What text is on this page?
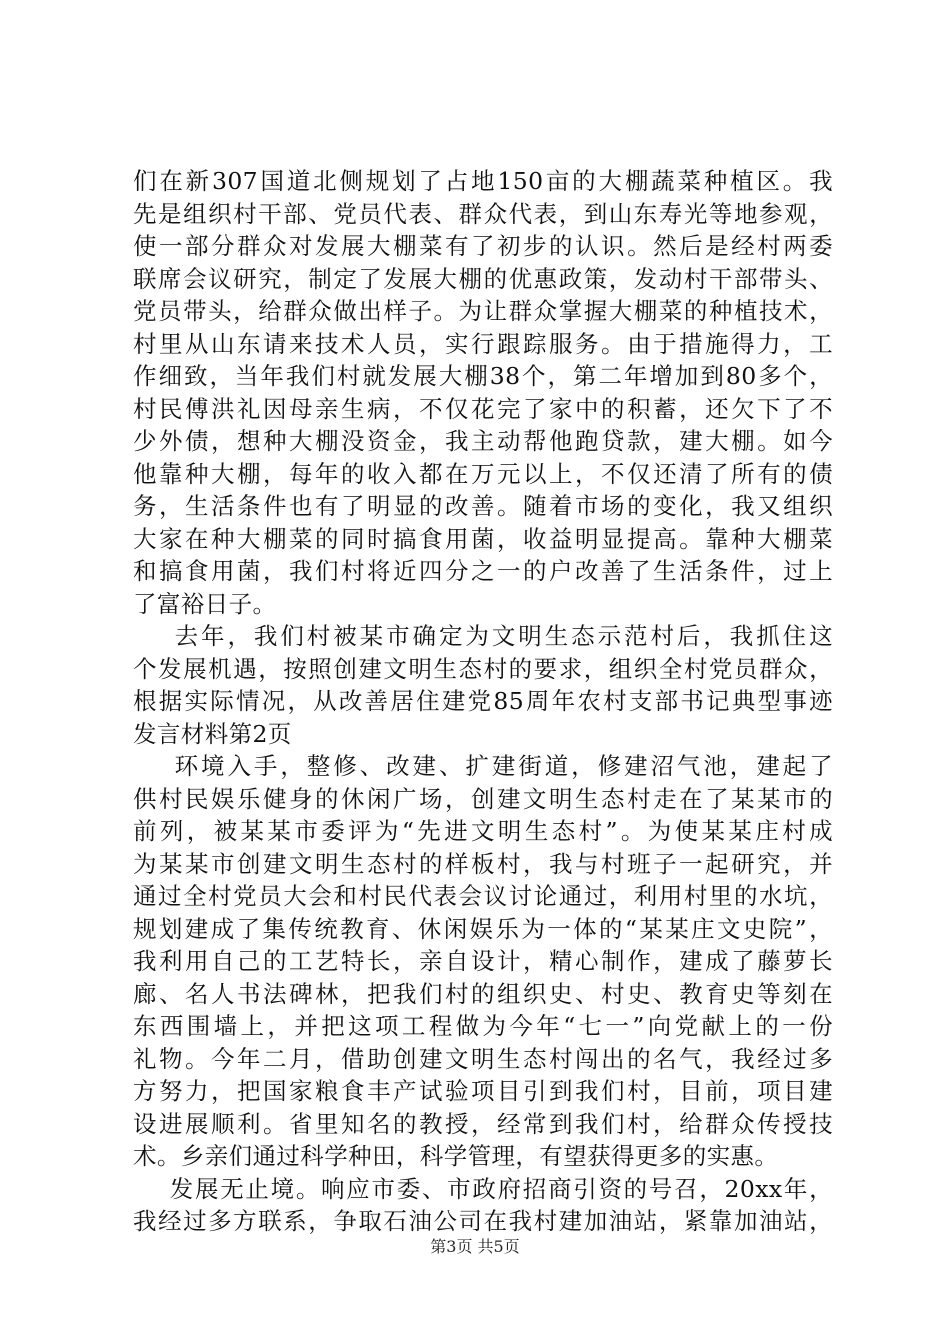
们在新307国道北侧规划了占地150亩的大棚蔬菜种植区。我
先是组织村干部、党员代表、群众代表，到山东寿光等地参观，
使一部分群众对发展大棚菜有了初步的认识。然后是经村两委
联席会议研究，制定了发展大棚的优惠政策，发动村干部带头、
党员带头，给群众做出样子。为让群众掌握大棚菜的种植技术，
村里从山东请来技术人员，实行跟踪服务。由于措施得力，工
作细致，当年我们村就发展大棚38个，第二年增加到80多个，
村民傅洪礼因母亲生病，不仅花完了家中的积蓄，还欠下了不
少外债，想种大棚没资金，我主动帮他跑贷款，建大棚。如今
他靠种大棚，每年的收入都在万元以上，不仅还清了所有的债
务，生活条件也有了明显的改善。随着市场的变化，我又组织
大家在种大棚菜的同时搞食用菌，收益明显提高。靠种大棚菜
和搞食用菌，我们村将近四分之一的户改善了生活条件，过上
了富裕日子。
去年，我们村被某市确定为文明生态示范村后，我抓住这
个发展机遇，按照创建文明生态村的要求，组织全村党员群众，
根据实际情况，从改善居住建党85周年农村支部书记典型事迹
发言材料第2页
环境入手，整修、改建、扩建街道，修建沼气池，建起了
供村民娱乐健身的休闲广场，创建文明生态村走在了某某市的
前列，被某某市委评为“先进文明生态村”。为使某某庄村成
为某某市创建文明生态村的样板村，我与村班子一起研究，并
通过全村党员大会和村民代表会议讨论通过，利用村里的水坑，
规划建成了集传统教育、休闲娱乐为一体的“某某庄文史院”，
我利用自己的工艺特长，亲自设计，精心制作，建成了藤萝长
廊、名人书法碑林，把我们村的组织史、村史、教育史等刻在
东西围墙上，并把这项工程做为今年“七一”向党献上的一份
礼物。今年二月，借助创建文明生态村闯出的名气，我经过多
方努力，把国家粮食丰产试验项目引到我们村，目前，项目建
设进展顺利。省里知名的教授，经常到我们村，给群众传授技
术。乡亲们通过科学种田，科学管理，有望获得更多的实惠。
发展无止境。响应市委、市政府招商引资的号召，20xx年，
我经过多方联系，争取石油公司在我村建加油站，紧靠加油站，
第3页 共5页
